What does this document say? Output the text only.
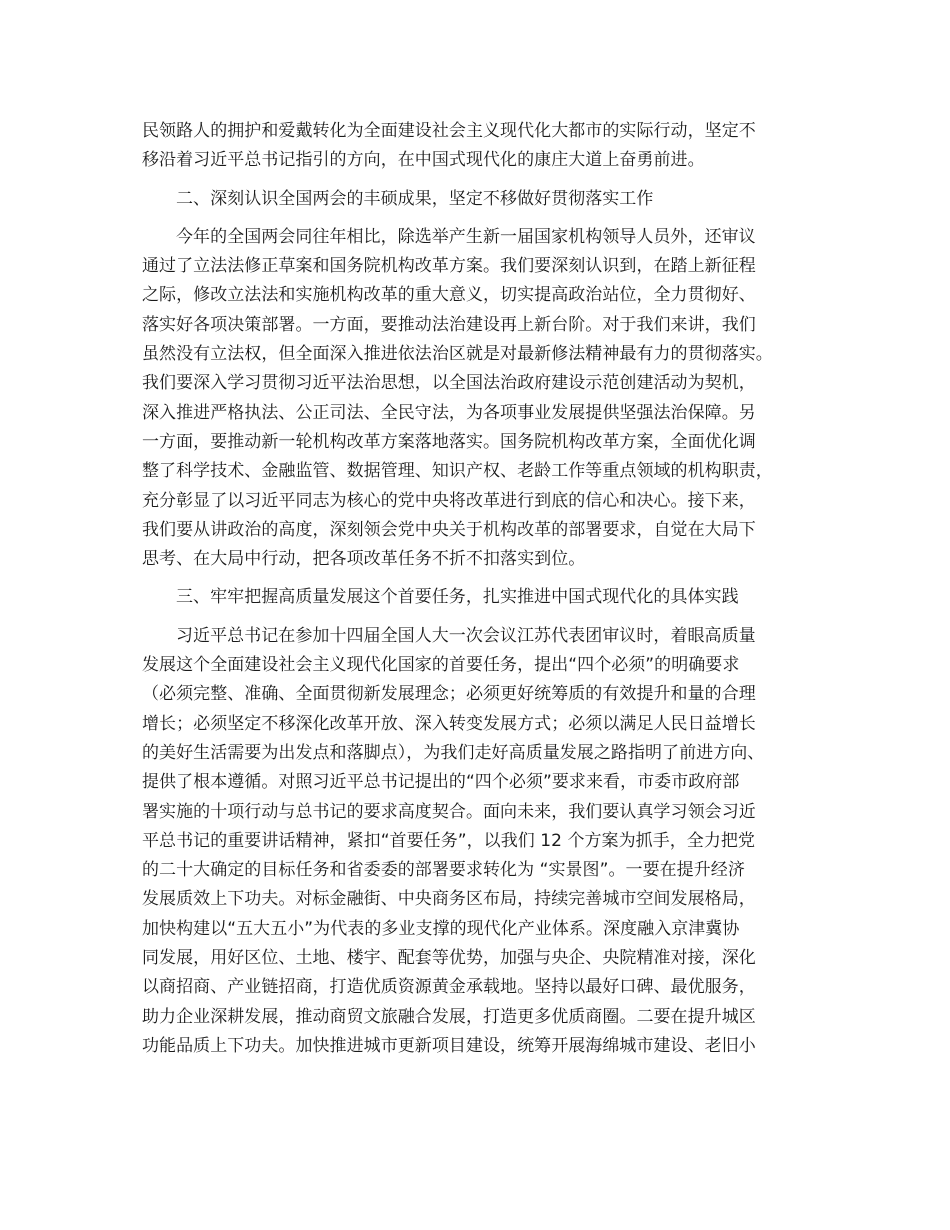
民领路人的拥护和爱戴转化为全面建设社会主义现代化大都市的实际行动，坚定不
移沿着习近平总书记指引的方向，在中国式现代化的康庄大道上奋勇前进。

二、深刻认识全国两会的丰硕成果，坚定不移做好贯彻落实工作

今年的全国两会同往年相比，除选举产生新一届国家机构领导人员外，还审议
通过了立法法修正草案和国务院机构改革方案。我们要深刻认识到，在踏上新征程
之际，修改立法法和实施机构改革的重大意义，切实提高政治站位，全力贯彻好、
落实好各项决策部署。一方面，要推动法治建设再上新台阶。对于我们来讲，我们
虽然没有立法权，但全面深入推进依法治区就是对最新修法精神最有力的贯彻落实。
我们要深入学习贯彻习近平法治思想，以全国法治政府建设示范创建活动为契机，
深入推进严格执法、公正司法、全民守法，为各项事业发展提供坚强法治保障。另
一方面，要推动新一轮机构改革方案落地落实。国务院机构改革方案，全面优化调
整了科学技术、金融监管、数据管理、知识产权、老龄工作等重点领域的机构职责，
充分彰显了以习近平同志为核心的党中央将改革进行到底的信心和决心。接下来，
我们要从讲政治的高度，深刻领会党中央关于机构改革的部署要求，自觉在大局下
思考、在大局中行动，把各项改革任务不折不扣落实到位。

三、牢牢把握高质量发展这个首要任务，扎实推进中国式现代化的具体实践

习近平总书记在参加十四届全国人大一次会议江苏代表团审议时，着眼高质量
发展这个全面建设社会主义现代化国家的首要任务，提出“四个必须”的明确要求
（必须完整、准确、全面贯彻新发展理念；必须更好统筹质的有效提升和量的合理
增长；必须坚定不移深化改革开放、深入转变发展方式；必须以满足人民日益增长
的美好生活需要为出发点和落脚点），为我们走好高质量发展之路指明了前进方向、
提供了根本遵循。对照习近平总书记提出的“四个必须”要求来看，市委市政府部
署实施的十项行动与总书记的要求高度契合。面向未来，我们要认真学习领会习近
平总书记的重要讲话精神，紧扣“首要任务”，以我们 12 个方案为抓手，全力把党
的二十大确定的目标任务和省委委的部署要求转化为 “实景图”。一要在提升经济
发展质效上下功夫。对标金融街、中央商务区布局，持续完善城市空间发展格局，
加快构建以“五大五小”为代表的多业支撑的现代化产业体系。深度融入京津冀协
同发展，用好区位、土地、楼宇、配套等优势，加强与央企、央院精准对接，深化
以商招商、产业链招商，打造优质资源黄金承载地。坚持以最好口碑、最优服务，
助力企业深耕发展，推动商贸文旅融合发展，打造更多优质商圈。二要在提升城区
功能品质上下功夫。加快推进城市更新项目建设，统筹开展海绵城市建设、老旧小
